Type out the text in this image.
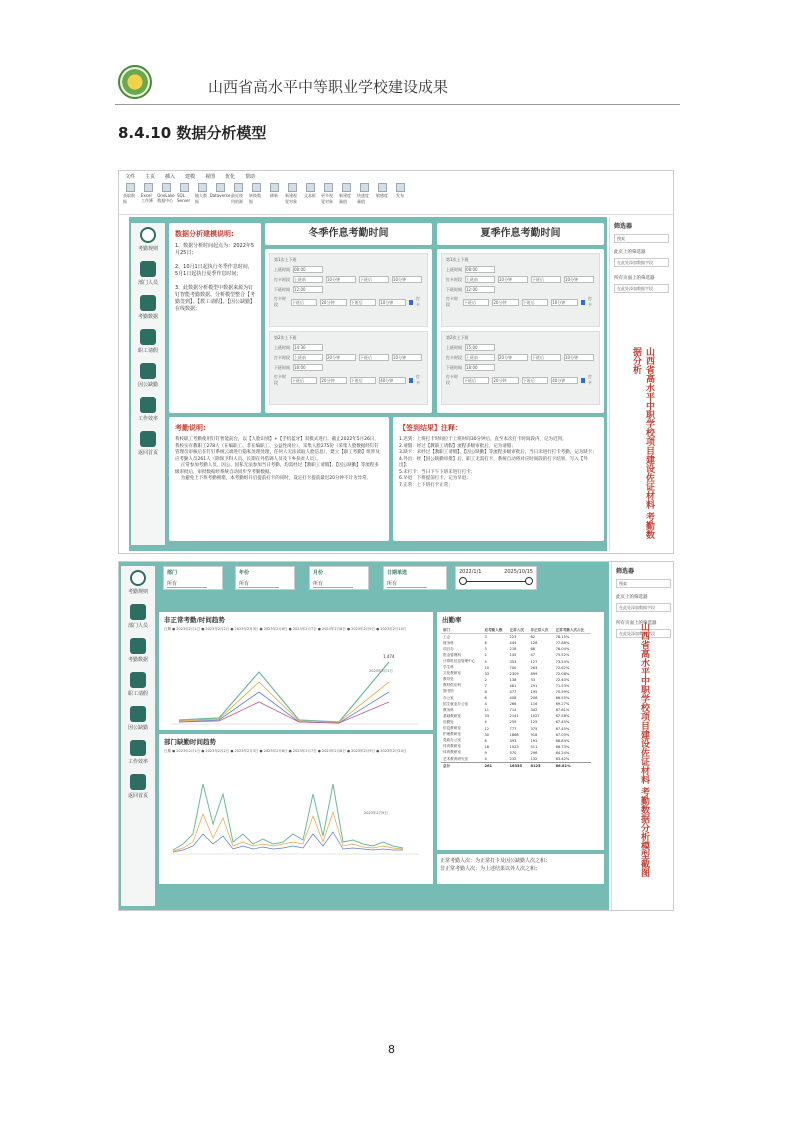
山西省高水平中等职业学校建设成果
8.4.10 数据分析模型
文件 主页 插入 建模 视图 优化 帮助
获取数据
Excel 工作簿
OneLake 数据中心
SQL Server
输入数据
Dataverse 最近使用的源
转换数据
刷新 新建视觉对象
文本框 更多视觉对象
新建度量值
快速度量值
敏感度 发布
考勤规则
部门人员
考勤数据
职工请假
因公缺勤
工作效率
返回首页
数据分析建模说明:
1、数据分析时间起点为：2022年5月25日；

2、10月1日起执行冬季作息时间，5月1日起执行夏季作息时间；

3、此数据分析模型中数据来源为钉钉智能考勤数据、分析模型整合【考勤签到】、【教工请假】、【因公缺勤】在线数据；
冬季作息考勤时间	夏季作息考勤时间
第1次上下班
上班时间 08:00
打卡时段 上班前	10分钟	下班后	10分钟
下班时间 12:00
打卡时段	下班后	20分钟	下班后	10分钟
打卡
第2次上下班
上班时间 14:30
打卡时段 上班前	20分钟	下班后	10分钟
下班时间 18:00
打卡时段	下班后	20分钟	下班后	40分钟
打卡
第1次上下班
上班时间 08:00
打卡时段 上班前	10分钟	下班后	10分钟
下班时间 12:00
打卡时段	下班后	20分钟	下班后	10分钟
打卡
第2次上下班
上班时间 15:00
打卡时段 上班前	20分钟	下班后	10分钟
下班时间 18:00
打卡时段	下班后	20分钟	下班后	40分钟
打卡
考勤说明:
我校职工考勤使用钉钉智能前台，以【人脸识别】+【手机蓝牙】双模式进行。截止2022年5月26日，我校实有教职工278人（在编职工、非在编职工、公益性岗位），采集人脸275份（采集人脸数据经钉钉管理员审核后在钉钉系统云端进行隐私处理处理，任何人无法读取人脸信息），建立【职工考勤】组涉及应考勤人员261人（除保卫科人员、长期在外借调人员及下乡扶贫人员）。
正常参加考勤人员，因公、因私无法参加当日考勤，均需经过【教职工请假】、【因公缺勤】等流程多级审批后，审批数据经系统自动同步至考勤数据。
为避免上下班考勤拥堵，本考勤组开启提前打卡的同时，设定打卡提前最迟20分钟不计为异常。
【签到结果】注释：
1.迟到：上班打卡时间位于上班时间30分钟后，直至本次打卡时间段内，记为迟到。
2.请假：经过【教职工请假】流程多级审批后，记为请假；
3.缺卡：未经过【教职工请假】、【因公缺勤】等流程多级审批后，当日未进行打卡考勤，记为缺卡；
4.外出：经【因公缺勤审批】后，职工无需打卡，系统自动将对应时间段的打卡结果，写入【外出】；
5.未打卡：当日下午下班未进行打卡；
6.早退：下班提前打卡，记为早退；
7.正常：上下班打卡正常；
筛选器
搜索
此页上的筛选器
在此处添加数据字段
所有页面上的筛选器
在此处添加数据字段
山西省高水平中职学校项目建设佐证材料 考勤数据分析
考勤规则
部门人员
考勤数据
职工请假
因公缺勤
工作效率
返回首页
部门
所有
年份
所有
月份
所有
日期单选
所有
2022/1/1	2025/10/15
非正常考勤/时间趋势
日期 ● 2023年2月1日 ● 2023年2月2日 ● 2023年2月3日 ● 2023年2月6日 ● 2023年2月7日 ● 2023年2月8日 ● 2023年2月9日 ● 2023年2月10日
1,474
2023年3月1日
部门缺勤时间趋势
日期 ● 2023年2月1日 ● 2023年2月2日 ● 2023年2月3日 ● 2023年2月6日 ● 2023年2月7日 ● 2023年2月8日 ● 2023年2月9日 ● 2023年2月10日
2023年2月9日
出勤率
部门	应考勤人数	正常人次	非正常人次	正常考勤人次占比
工会	3	223	62	78.15%
财务科	6	449	128	77.88%
项目办	3	218	68	76.04%
资金管理科	2	145	47	75.52%
计算机信息管理中心	5	353	127	73.54%
学生科	10	700	263	72.62%
文化教研室	33	2309	899	72.08%
教导处	2	138	53	72.40%
教材供应科	7	481	191	71.53%
图书馆	8	477	195	70.99%
办公室	6	408	206	66.55%
招生就业办公室	4	266	116	69.27%
教务科	11	714	342	67.61%
基础教研室	33	2141	1027	67.58%
后勤处	4	259	125	67.45%
信息教研室	12	777	375	67.45%
护理教研室	30	1868	918	67.05%
党政办公室	6	393	191	66.84%
体育教研室	16	1023	511	66.73%
体育教研室	9	570	296	64.24%
艺术教育研究室	4	232	132	63.42%
总计	261	16355	8125	66.81%
正常考勤人次：为正常打卡及因公缺勤人次之和；
非正常考勤人次：为上述结果以外人次之和；
筛选器
搜索
此页上的筛选器
在此处添加数据字段
所有页面上的筛选器
在此处添加数据字段
山西省高水平中职学校项目建设佐证材料 考勤数据分析模型截图
8
